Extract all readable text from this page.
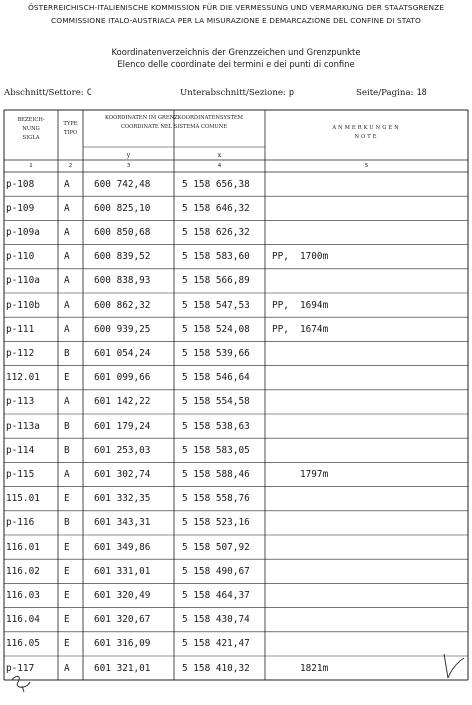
ÖSTERREICHISCH-ITALIENISCHE KOMMISSION FÜR DIE VERMESSUNG UND VERMARKUNG DER STAATSGRENZE
COMMISSIONE ITALO-AUSTRIACA PER LA MISURAZIONE E DEMARCAZIONE DEL CONFINE DI STATO
Koordinatenverzeichnis der Grenzzeichen und Grenzpunkte
Elenco delle coordinate dei termini e dei punti di confine
Abschnitt/Settore: C	Unterabschnitt/Sezione: p	Seite/Pagina: 18
BEZEICH-
NUNG
SIGLA
TYPE
TIPO
KOORDINATEN IM GRENZKOORDINATENSYSTEM
COORDINATE NEL SISTEMA COMUNE
y	x
ANMERKUNGEN
NOTE
1	2	3	4	5
p-108	A	600 742,48	5 158 656,38
p-109	A	600 825,10	5 158 646,32
p-109a	A	600 850,68	5 158 626,32
p-110	A	600 839,52	5 158 583,60 PP, 1700m
p-110a	A	600 838,93	5 158 566,89
p-110b	A	600 862,32	5 158 547,53 PP, 1694m
p-111	A	600 939,25	5 158 524,08 PP, 1674m
p-112	B	601 054,24	5 158 539,66
112.01	E	601 099,66	5 158 546,64
p-113	A	601 142,22	5 158 554,58
p-113a	B	601 179,24	5 158 538,63
p-114	B	601 253,03	5 158 583,05
p-115	A	601 302,74	5 158 588,46	1797m
115.01	E	601 332,35	5 158 558,76
p-116	B	601 343,31	5 158 523,16
116.01	E	601 349,86	5 158 507,92
116.02	E	601 331,01	5 158 490,67
116.03	E	601 320,49	5 158 464,37
116.04	E	601 320,67	5 158 430,74
116.05	E	601 316,09	5 158 421,47
p-117	A	601 321,01	5 158 410,32	1821m
